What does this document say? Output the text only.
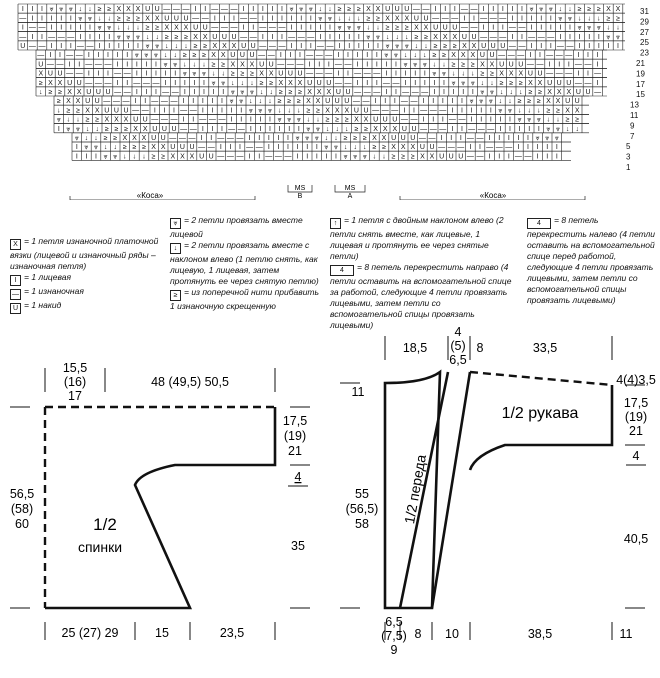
I I I ⩔ ⩔ ⩔ ↓ ↓ ≥ ≥ X X X U U — — — I I — — — I I I I I ⩔ ⩔ ⩔ ↓ ↓ ≥ ≥ ≥ X X U U U — — I I I — — I I I I I ⩔ ⩔ ⩔ ↓ ↓ ≥ ≥ ≥ X X
— I I I I I ⩔ ⩔ ↓ ↓ ≥ ≥ ≥ X X U U U — — I I I — — I I I I I I ⩔ ⩔ ↓ ↓ ↓ ≥ ≥ X X X U U — — — I I — — — I I I I I ⩔ ⩔ ↓ ↓ ↓ ≥ ≥
I — — I I I I I ⩔ ⩔ ↓ ↓ ↓ ≥ ≥ X X X U U — — — I I — — — I I I I I ⩔ ⩔ ⩔ ↓ ↓ ≥ ≥ ≥ X X U U U — — I I I — — I I I I I ⩔ ⩔ ⩔ ↓ ↓
— I I — — — I I I I ⩔ ⩔ ⩔ ↓ ↓ ≥ ≥ ≥ X X U U U — — I I I — — — I I I I I ⩔ ⩔ ↓ ↓ ↓ ≥ ≥ X X X U U — — — I I — — — I I I I I ⩔ ⩔
U — — I I I — — I I I I I ⩔ ⩔ ↓ ↓ ↓ ≥ ≥ X X X U U — — — I I I — — I I I I I ⩔ ⩔ ⩔ ↓ ↓ ≥ ≥ ≥ X X U U U — — I I I — — I I I I I
— I I — — I I I I I ⩔ ⩔ ⩔ ↓ ↓ ≥ ≥ ≥ X X U U U — — I I I — — — I I I I I ⩔ ⩔ ↓ ↓ ↓ ≥ ≥ X X X U U — — — I I — — — I I I
U — — I I — — — I I I I I ⩔ ⩔ ↓ ↓ ↓ ≥ ≥ X X X U U — — — I I I — — I I I I I ⩔ ⩔ ⩔ ↓ ↓ ≥ ≥ ≥ X X U U U — — I I I — — I
X U U — — I I I — — I I I I I ⩔ ⩔ ⩔ ↓ ↓ ≥ ≥ ≥ X X U U U — — — I I — — — I I I I I ⩔ ⩔ ↓ ↓ ↓ ≥ ≥ X X X U U — — — I I —
≥ X X U U — — — I I — — — I I I I I ⩔ ⩔ ↓ ↓ ↓ ≥ ≥ X X X U U U — — I I I — — I I I I I ⩔ ⩔ ⩔ ↓ ↓ ≥ ≥ ≥ X X U U U — — I
↓ ≥ ≥ X X U U U — — I I I — — I I I I I ⩔ ⩔ ⩔ ↓ ↓ ≥ ≥ ≥ X X X U U — — — I I — — — I I I I I ⩔ ⩔ ↓ ↓ ↓ ≥ ≥ X X X U U —
≥ X X U U — — — I I — — — I I I I I ⩔ ⩔ ↓ ↓ ↓ ≥ ≥ ≥ X X U U U — — I I I — — I I I I I ⩔ ⩔ ⩔ ↓ ↓ ≥ ≥ ≥ X X U U
↓ ≥ ≥ X X U U U — — I I I — — I I I I I ⩔ ⩔ ⩔ ↓ ↓ ↓ ≥ ≥ X X X U U — — — I I — — — I I I I I ⩔ ⩔ ↓ ↓ ↓ ≥ ≥ X X
⩔ ↓ ↓ ≥ ≥ X X X U U — — — I I — — — I I I I I ⩔ ⩔ ⩔ ↓ ↓ ≥ ≥ ≥ X X U U U — — I I I — — I I I I I ⩔ ⩔ ⩔ ↓ ↓ ≥ ≥
I ⩔ ⩔ ↓ ↓ ≥ ≥ ≥ X X U U U — — I I I — — I I I I I I ⩔ ⩔ ↓ ↓ ↓ ≥ ≥ X X X U U — — — I I — — — I I I I I ⩔ ⩔ ↓ ↓
⩔ ↓ ↓ ≥ ≥ X X X U U — — — I I — — — I I I I I ⩔ ⩔ ⩔ ↓ ↓ ≥ ≥ ≥ X X U U U — — I I I — — I I I I I ⩔ ⩔ ⩔
I ⩔ ⩔ ↓ ↓ ≥ ≥ ≥ X X U U U — — I I I — — I I I I I I ⩔ ⩔ ↓ ↓ ↓ ≥ ≥ X X X U U — — — I I — — — I I I I I
I I I ⩔ ⩔ ↓ ↓ ↓ ≥ ≥ X X X U U — — — I I — — — I I I I I ⩔ ⩔ ⩔ ↓ ↓ ≥ ≥ ≥ X X U U U — — I I I — — I I I
31
29
27
25
23
21
19
17
15
13
11
9
7
5
3
1
«Коса»	«Коса»
MS	MS
B	A
X = 1 петля изнаночной платочной вязки (лицевой и изнаночный ряды – изнаночная петля)
I = 1 лицевая
— = 1 изнаночная
U = 1 накид
⩔ = 2 петли провязать вместе лицевой
↓ = 2 петли провязать вместе с наклоном влево (1 петлю снять, как лицевую, 1 лицевая, затем протянуть ее через снятую петлю)
≥ = из поперечной нити прибавить 1 изнаночную скрещенную
↑ = 1 петля с двойным наклоном влево (2 петли снять вместе, как лицевые, 1 лицевая и протянуть ее через снятые петли)
4 = 8 петель перекрестить направо (4 петли оставить на вспомогательной спице за работой, следующие 4 петли провязать лицевыми, затем петли со вспомогательной спицы провязать лицевыми)
4 = 8 петель перекрестить налево (4 петли оставить на вспомогательной спице перед работой, следующие 4 петли провязать лицевыми, затем петли со вспомогательной спицы провязать лицевыми)
1/2
спинки
15,5
(16)
17
48 (49,5) 50,5
17,5
(19)
21
4
56,5
(58)
60
35
25 (27) 29	15	23,5
1/2 переда
1/2 рукава
18,5
4
(5)
6,5
8	33,5
11
4(4)3,5
17,5
(19)
21
4
55
(56,5)
58
40,5
6,5
(7,5)
9
8 10	38,5	11
